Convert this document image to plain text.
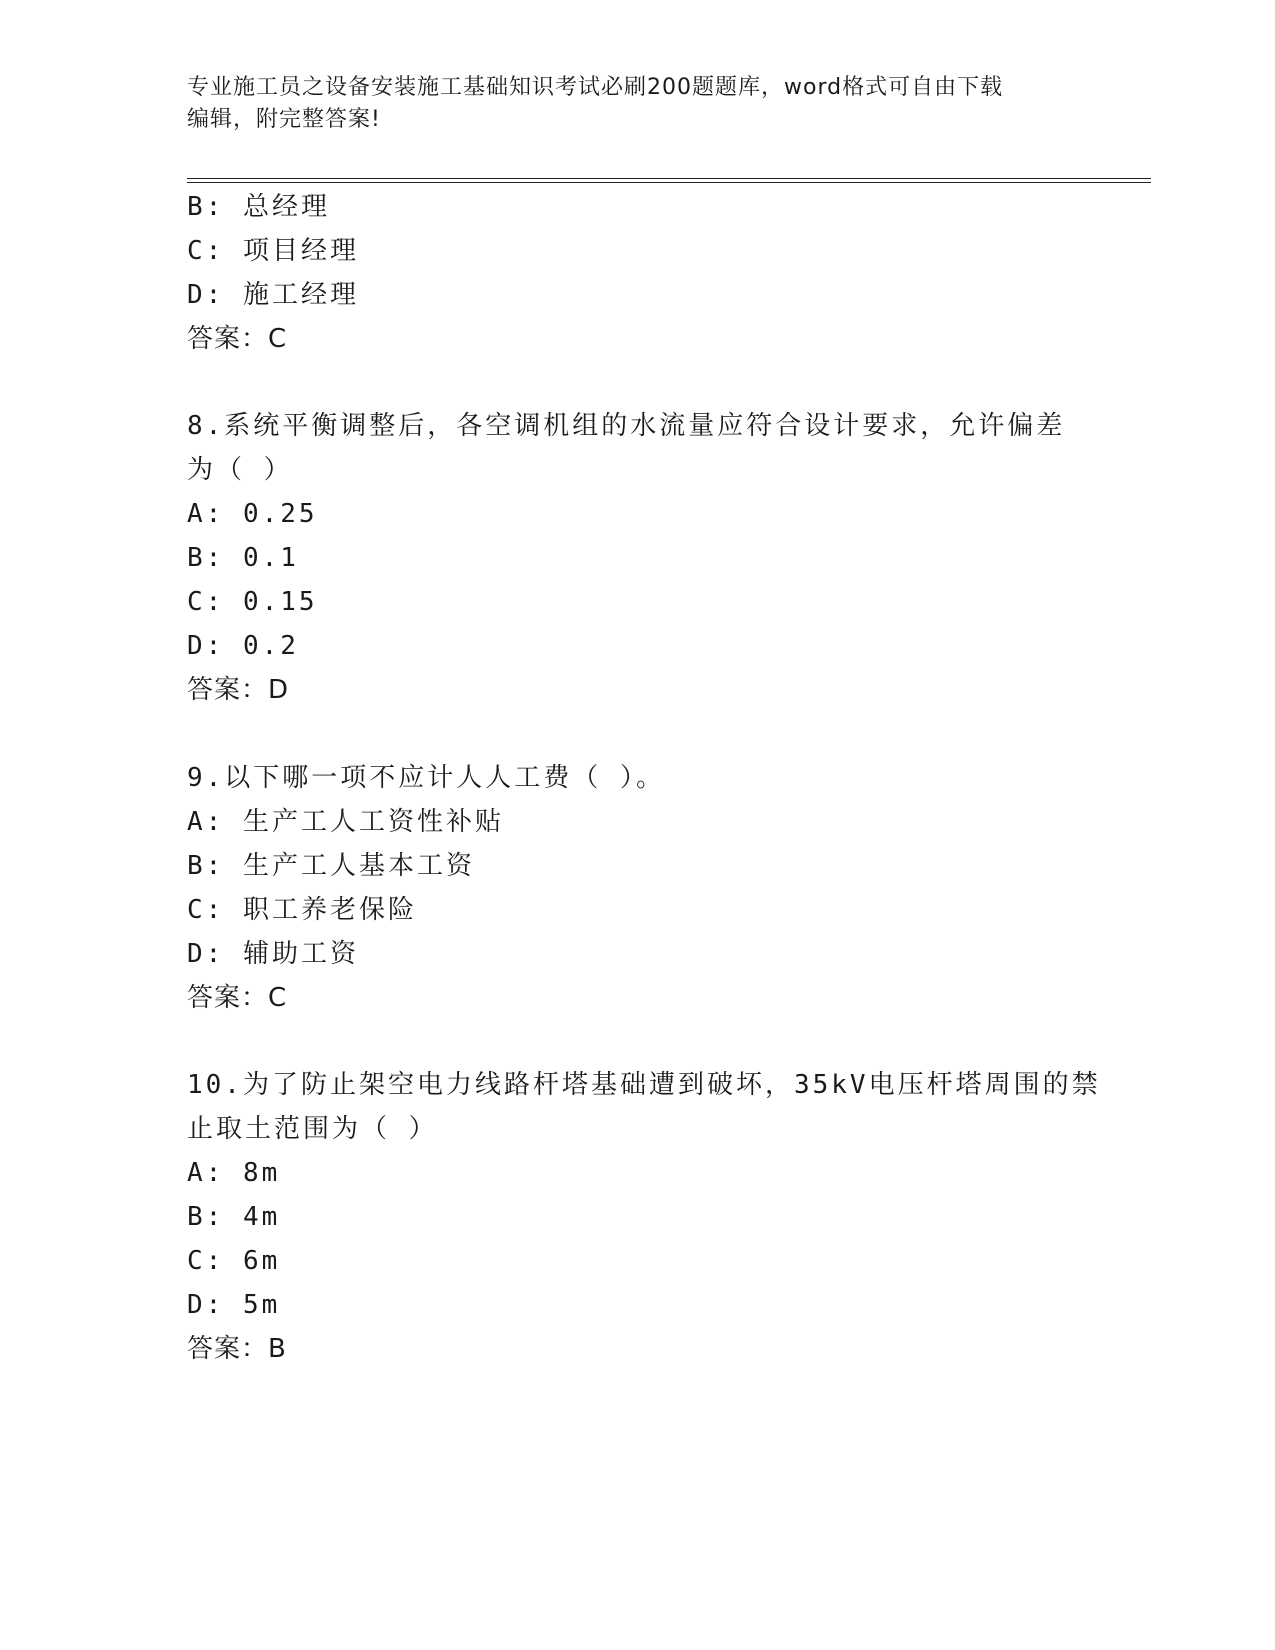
专业施工员之设备安装施工基础知识考试必刷200题题库，word格式可自由下载
编辑，附完整答案!
B: 总经理
C: 项目经理
D: 施工经理
答案：C
8.系统平衡调整后，各空调机组的水流量应符合设计要求，允许偏差
为（ ）
A: 0.25
B: 0.1
C: 0.15
D: 0.2
答案：D
9.以下哪一项不应计人人工费（ ）。
A: 生产工人工资性补贴
B: 生产工人基本工资
C: 职工养老保险
D: 辅助工资
答案：C
10.为了防止架空电力线路杆塔基础遭到破坏，35kV电压杆塔周围的禁
止取土范围为（ ）
A: 8m
B: 4m
C: 6m
D: 5m
答案：B
